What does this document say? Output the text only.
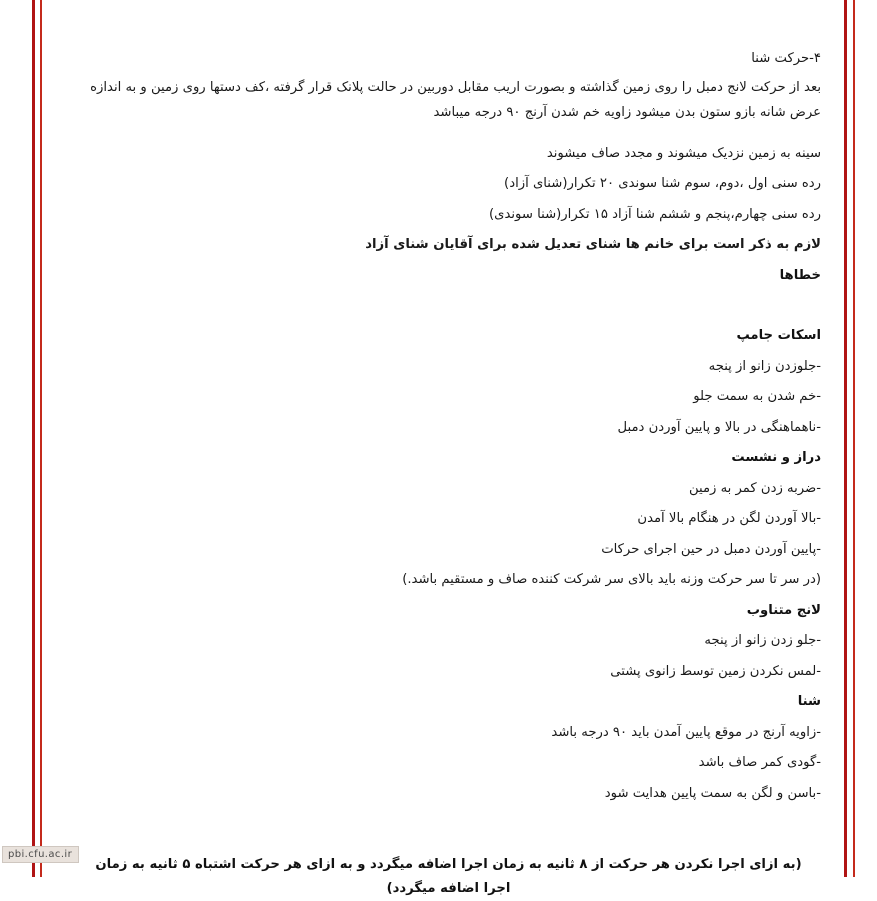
۴-حرکت شنا
بعد از حرکت لانج دمبل را روی زمین گذاشته و بصورت اریب مقابل دوربین در حالت پلانک قرار گرفته ،کف دستها روی زمین و به اندازه عرض شانه بازو ستون بدن میشود زاویه خم شدن آرنج ۹۰ درجه میباشد
سینه به زمین نزدیک میشوند و مجدد صاف میشوند
رده سنی اول ،دوم، سوم شنا سوندی ۲۰ تکرار(شنای آزاد)
رده سنی چهارم،پنجم و ششم شنا آزاد ۱۵ تکرار(شنا سوندی)
لازم به ذکر است برای خانم ها شنای تعدیل شده برای آقایان شنای آزاد
خطاها
اسکات جامپ
-جلوزدن زانو از پنجه
-خم شدن به سمت جلو
-ناهماهنگی در بالا و پایین آوردن دمبل
دراز و نشست
-ضربه زدن کمر به زمین
-بالا آوردن لگن در هنگام بالا آمدن
-پایین آوردن دمبل در حین اجرای حرکات
(در سر تا سر حرکت وزنه باید بالای سر شرکت کننده صاف و مستقیم باشد.)
لانج متناوب
-جلو زدن زانو از پنجه
-لمس نکردن زمین توسط زانوی پشتی
شنا
-زاویه آرنج در موقع پایین آمدن باید ۹۰ درجه باشد
-گودی کمر صاف باشد
-باسن و لگن به سمت پایین هدایت شود
(به ازای اجرا نکردن هر حرکت از ۸ ثانیه به زمان اجرا اضافه میگردد و به ازای هر حرکت اشتباه ۵ ثانیه به زمان اجرا اضافه میگردد)
pbi.cfu.ac.ir
